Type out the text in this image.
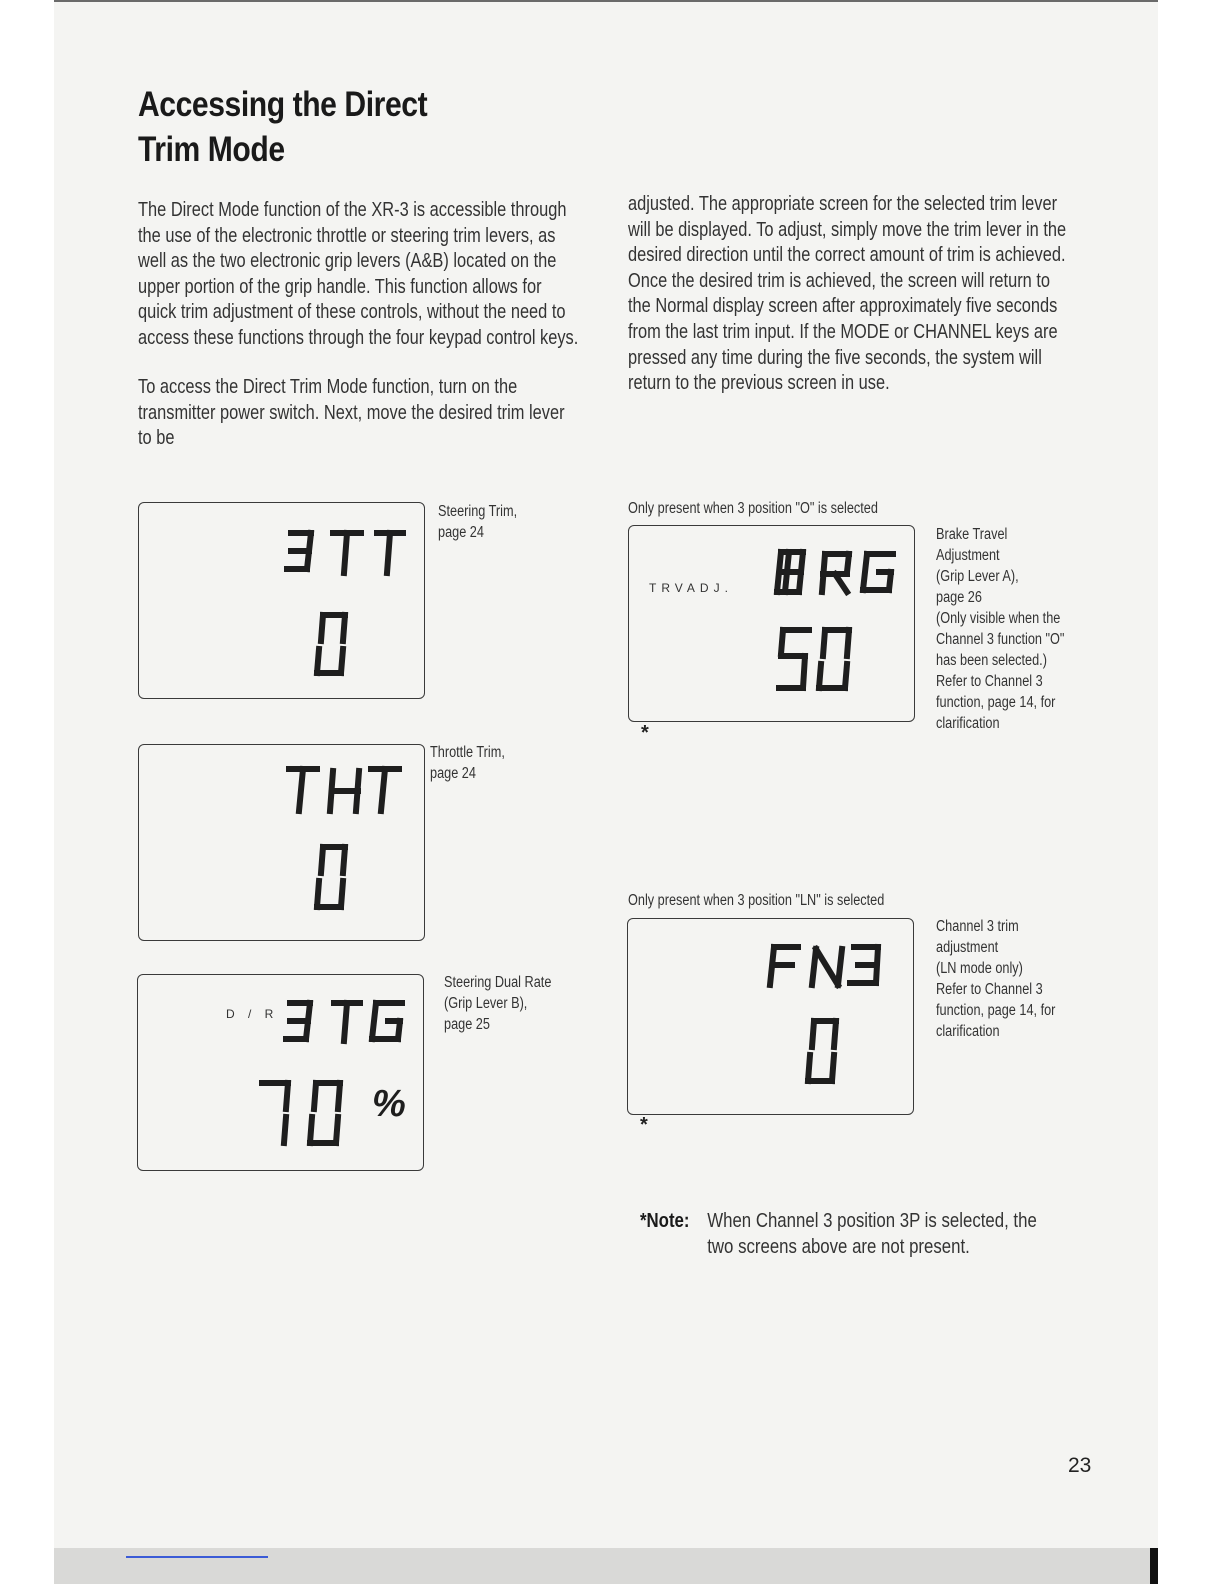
Accessing the Direct
Trim Mode
The Direct Mode function of the XR-3 is accessible through the use of the electronic throttle or steering trim levers, as well as the two electronic grip levers (A&B) located on the upper portion of the grip handle. This function allows for quick trim adjustment of these controls, without the need to access these functions through the four keypad control keys.
To access the Direct Trim Mode function, turn on the transmitter power switch. Next, move the desired trim lever to be
adjusted. The appropriate screen for the selected trim lever will be displayed. To adjust, simply move the trim lever in the desired direction until the correct amount of trim is achieved. Once the desired trim is achieved, the screen will return to the Normal display screen after approximately five seconds from the last trim input. If the MODE or CHANNEL keys are pressed any time during the five seconds, the system will return to the previous screen in use.
Steering Trim,
page 24
Throttle Trim,
page 24
D / R
%
Steering Dual Rate
(Grip Lever B),
page 25
Only present when 3 position "O" is selected
TRVADJ.
*
Brake Travel
Adjustment
(Grip Lever A),
page 26
(Only visible when the
Channel 3 function "O"
has been selected.)
Refer to Channel 3
function, page 14, for
clarification
Only present when 3 position "LN" is selected
*
Channel 3 trim
adjustment
(LN mode only)
Refer to Channel 3
function, page 14, for
clarification
*Note: When Channel 3 position 3P is selected, the two screens above are not present.
23
